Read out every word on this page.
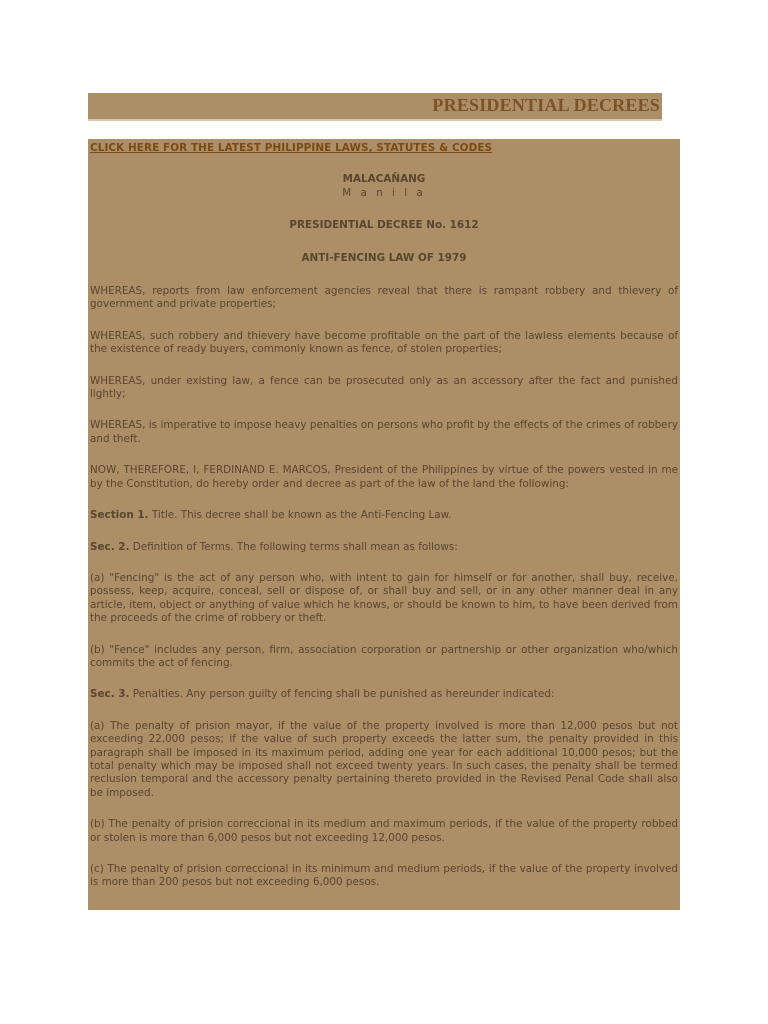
PRESIDENTIAL DECREES
CLICK HERE FOR THE LATEST PHILIPPINE LAWS, STATUTES & CODES

MALACAÑANG

M a n i l a

PRESIDENTIAL DECREE No. 1612

ANTI-FENCING LAW OF 1979

WHEREAS, reports from law enforcement agencies reveal that there is rampant robbery and thievery of government and private properties;

WHEREAS, such robbery and thievery have become profitable on the part of the lawless elements because of the existence of ready buyers, commonly known as fence, of stolen properties;

WHEREAS, under existing law, a fence can be prosecuted only as an accessory after the fact and punished lightly;

WHEREAS, is imperative to impose heavy penalties on persons who profit by the effects of the crimes of robbery and theft.

NOW, THEREFORE, I, FERDINAND E. MARCOS, President of the Philippines by virtue of the powers vested in me by the Constitution, do hereby order and decree as part of the law of the land the following:

Section 1. Title. This decree shall be known as the Anti-Fencing Law.

Sec. 2. Definition of Terms. The following terms shall mean as follows:

(a) "Fencing" is the act of any person who, with intent to gain for himself or for another, shall buy, receive, possess, keep, acquire, conceal, sell or dispose of, or shall buy and sell, or in any other manner deal in any article, item, object or anything of value which he knows, or should be known to him, to have been derived from the proceeds of the crime of robbery or theft.

(b) "Fence" includes any person, firm, association corporation or partnership or other organization who/which commits the act of fencing.

Sec. 3. Penalties. Any person guilty of fencing shall be punished as hereunder indicated:

(a) The penalty of prision mayor, if the value of the property involved is more than 12,000 pesos but not exceeding 22,000 pesos; if the value of such property exceeds the latter sum, the penalty provided in this paragraph shall be imposed in its maximum period, adding one year for each additional 10,000 pesos; but the total penalty which may be imposed shall not exceed twenty years. In such cases, the penalty shall be termed reclusion temporal and the accessory penalty pertaining thereto provided in the Revised Penal Code shall also be imposed.

(b) The penalty of prision correccional in its medium and maximum periods, if the value of the property robbed or stolen is more than 6,000 pesos but not exceeding 12,000 pesos.

(c) The penalty of prision correccional in its minimum and medium periods, if the value of the property involved is more than 200 pesos but not exceeding 6,000 pesos.
